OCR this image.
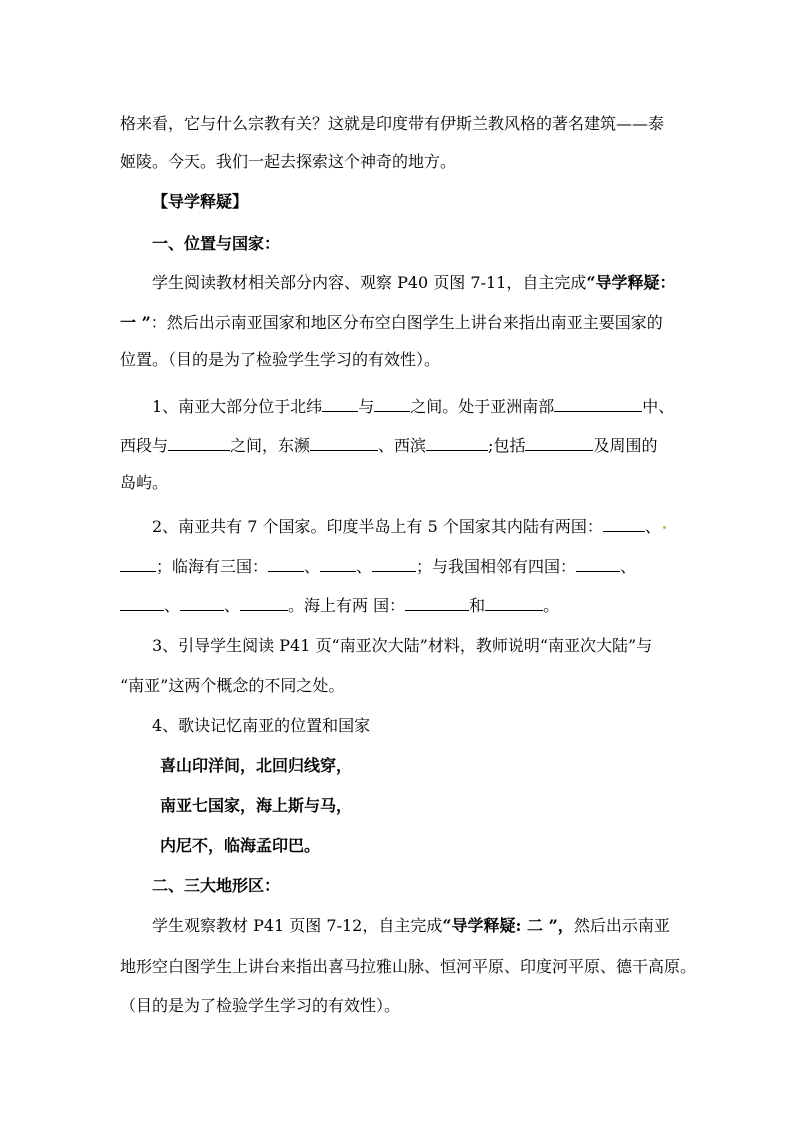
格来看，它与什么宗教有关？这就是印度带有伊斯兰教风格的著名建筑——泰
姬陵。今天。我们一起去探索这个神奇的地方。
【导学释疑】
一、位置与国家：
学生阅读教材相关部分内容、观察 P40 页图 7-11，自主完成“导学释疑：
一 ”：然后出示南亚国家和地区分布空白图学生上讲台来指出南亚主要国家的
位置。（目的是为了检验学生学习的有效性）。
1、南亚大部分位于北纬 与 之间。处于亚洲南部	中、
西段与	之间，东濒	、西滨	;包括	及周围的
岛屿。
2、南亚共有 7 个国家。印度半岛上有 5 个国家其内陆有两国：	、
；临海有三国： 、 、	；与我国相邻有四国：	、
、	、	。海上有两 国：	和	。
3、引导学生阅读 P41 页“南亚次大陆”材料，教师说明“南亚次大陆”与
“南亚”这两个概念的不同之处。
4、歌诀记忆南亚的位置和国家
喜山印洋间，北回归线穿，
南亚七国家，海上斯与马，
内尼不，临海孟印巴。
二、三大地形区：
学生观察教材 P41 页图 7-12，自主完成“导学释疑: 二 ”，然后出示南亚
地形空白图学生上讲台来指出喜马拉雅山脉、恒河平原、印度河平原、德干高原。
（目的是为了检验学生学习的有效性）。
